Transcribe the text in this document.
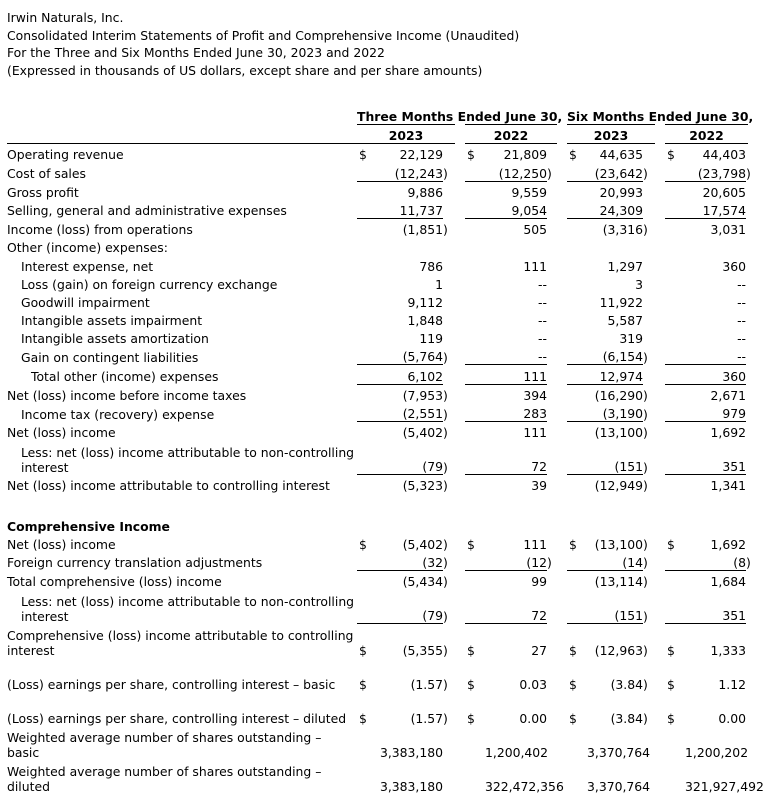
Irwin Naturals, Inc.
Consolidated Interim Statements of Profit and Comprehensive Income (Unaudited)
For the Three and Six Months Ended June 30, 2023 and 2022
(Expressed in thousands of US dollars, except share and per share amounts)
	Three Months Ended June 30,								Six Months Ended June 30,						
	2023				2022				2023				2022		
Operating revenue	$	22,129			$	21,809			$	44,635			$	44,403	
Cost of sales		(12,243	)			(12,250	)			(23,642	)			(23,798	)
Gross profit		9,886				9,559				20,993				20,605	
Selling, general and administrative expenses		11,737				9,054				24,309				17,574	
Income (loss) from operations		(1,851	)			505				(3,316	)			3,031	
Other (income) expenses:															
Interest expense, net		786				111				1,297				360	
Loss (gain) on foreign currency exchange		1				--				3				--	
Goodwill impairment		9,112				--				11,922				--	
Intangible assets impairment		1,848				--				5,587				--	
Intangible assets amortization		119				--				319				--	
Gain on contingent liabilities		(5,764	)			--				(6,154	)			--	
Total other (income) expenses		6,102				111				12,974				360	
Net (loss) income before income taxes		(7,953	)			394				(16,290	)			2,671	
Income tax (recovery) expense		(2,551	)			283				(3,190	)			979	
Net (loss) income		(5,402	)			111				(13,100	)			1,692	
Less: net (loss) income attributable to non-controlling interest		(79	)			72				(151	)			351	
Net (loss) income attributable to controlling interest		(5,323	)			39				(12,949	)			1,341	

Comprehensive Income															
Net (loss) income	$	(5,402	)		$	111			$	(13,100	)		$	1,692	
Foreign currency translation adjustments		(32	)			(12	)			(14	)			(8	)
Total comprehensive (loss) income		(5,434	)			99				(13,114	)			1,684	
Less: net (loss) income attributable to non-controlling interest		(79	)			72				(151	)			351	
Comprehensive (loss) income attributable to controlling interest	$	(5,355	)		$	27			$	(12,963	)		$	1,333	

(Loss) earnings per share, controlling interest – basic	$	(1.57	)		$	0.03			$	(3.84	)		$	1.12	
(Loss) earnings per share, controlling interest – diluted	$	(1.57	)		$	0.00			$	(3.84	)		$	0.00	
Weighted average number of shares outstanding – basic		3,383,180				1,200,402				3,370,764				1,200,202	
Weighted average number of shares outstanding – diluted		3,383,180				322,472,356				3,370,764				321,927,492	
